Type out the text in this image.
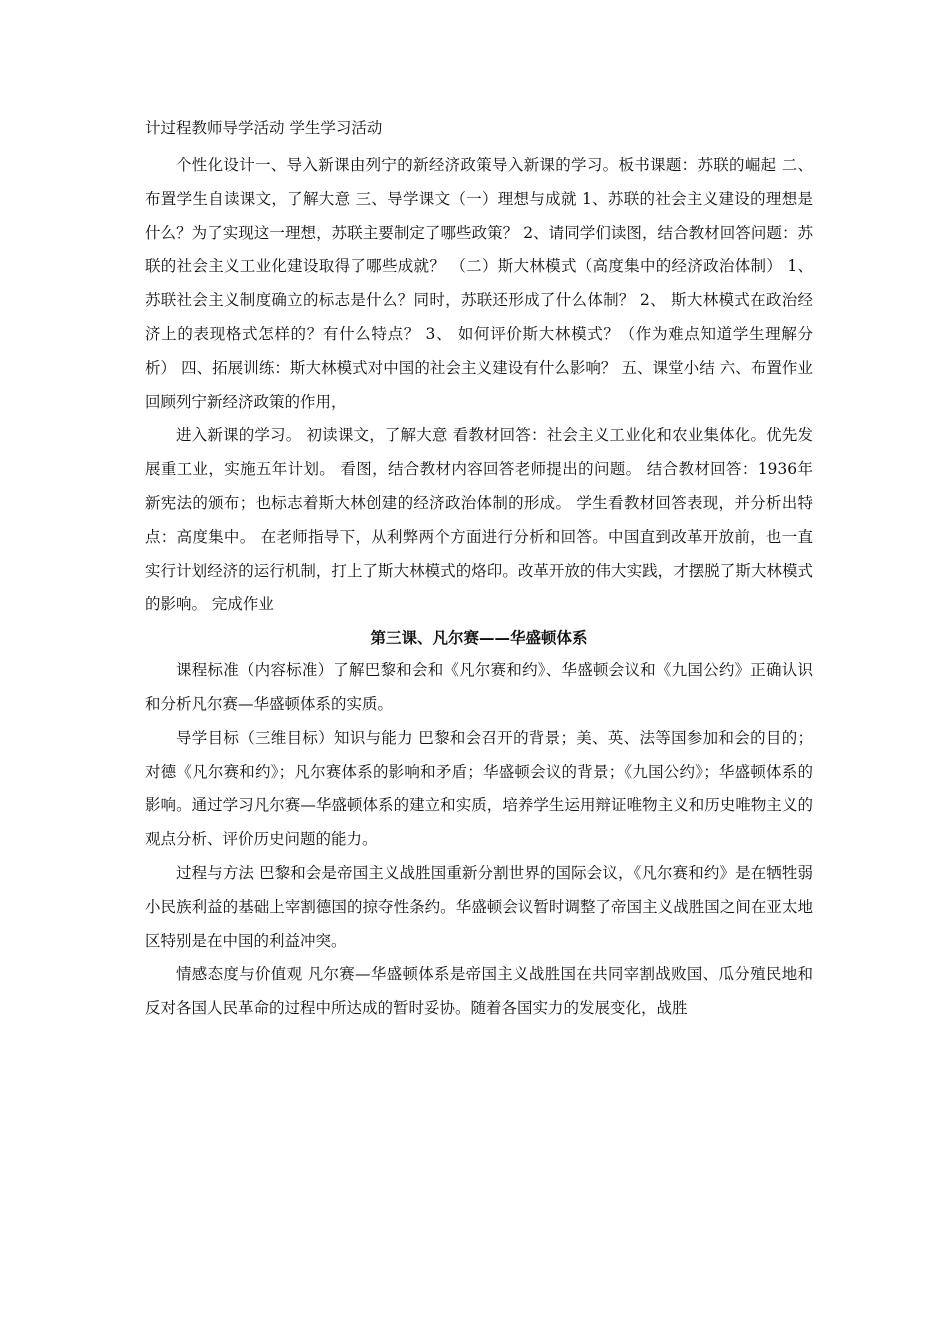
计过程教师导学活动 学生学习活动

个性化设计一、导入新课由列宁的新经济政策导入新课的学习。板书课题：苏联的崛起 二、布置学生自读课文，了解大意 三、导学课文（一）理想与成就 1、苏联的社会主义建设的理想是什么？为了实现这一理想，苏联主要制定了哪些政策？ 2、请同学们读图，结合教材回答问题：苏联的社会主义工业化建设取得了哪些成就？ （二）斯大林模式（高度集中的经济政治体制） 1、 苏联社会主义制度确立的标志是什么？同时，苏联还形成了什么体制？ 2、 斯大林模式在政治经济上的表现格式怎样的？有什么特点？ 3、 如何评价斯大林模式？（作为难点知道学生理解分析） 四、拓展训练：斯大林模式对中国的社会主义建设有什么影响？ 五、课堂小结 六、布置作业 回顾列宁新经济政策的作用，

进入新课的学习。 初读课文，了解大意 看教材回答：社会主义工业化和农业集体化。优先发展重工业，实施五年计划。 看图，结合教材内容回答老师提出的问题。 结合教材回答：1936年新宪法的颁布；也标志着斯大林创建的经济政治体制的形成。 学生看教材回答表现，并分析出特点：高度集中。 在老师指导下，从利弊两个方面进行分析和回答。中国直到改革开放前，也一直实行计划经济的运行机制，打上了斯大林模式的烙印。改革开放的伟大实践，才摆脱了斯大林模式的影响。 完成作业

第三课、凡尔赛——华盛顿体系

课程标准（内容标准）了解巴黎和会和《凡尔赛和约》、华盛顿会议和《九国公约》正确认识和分析凡尔赛—华盛顿体系的实质。

导学目标（三维目标）知识与能力 巴黎和会召开的背景；美、英、法等国参加和会的目的；对德《凡尔赛和约》；凡尔赛体系的影响和矛盾；华盛顿会议的背景；《九国公约》；华盛顿体系的影响。通过学习凡尔赛—华盛顿体系的建立和实质，培养学生运用辩证唯物主义和历史唯物主义的观点分析、评价历史问题的能力。

过程与方法 巴黎和会是帝国主义战胜国重新分割世界的国际会议，《凡尔赛和约》是在牺牲弱小民族利益的基础上宰割德国的掠夺性条约。华盛顿会议暂时调整了帝国主义战胜国之间在亚太地区特别是在中国的利益冲突。

情感态度与价值观 凡尔赛—华盛顿体系是帝国主义战胜国在共同宰割战败国、瓜分殖民地和反对各国人民革命的过程中所达成的暂时妥协。随着各国实力的发展变化，战胜
